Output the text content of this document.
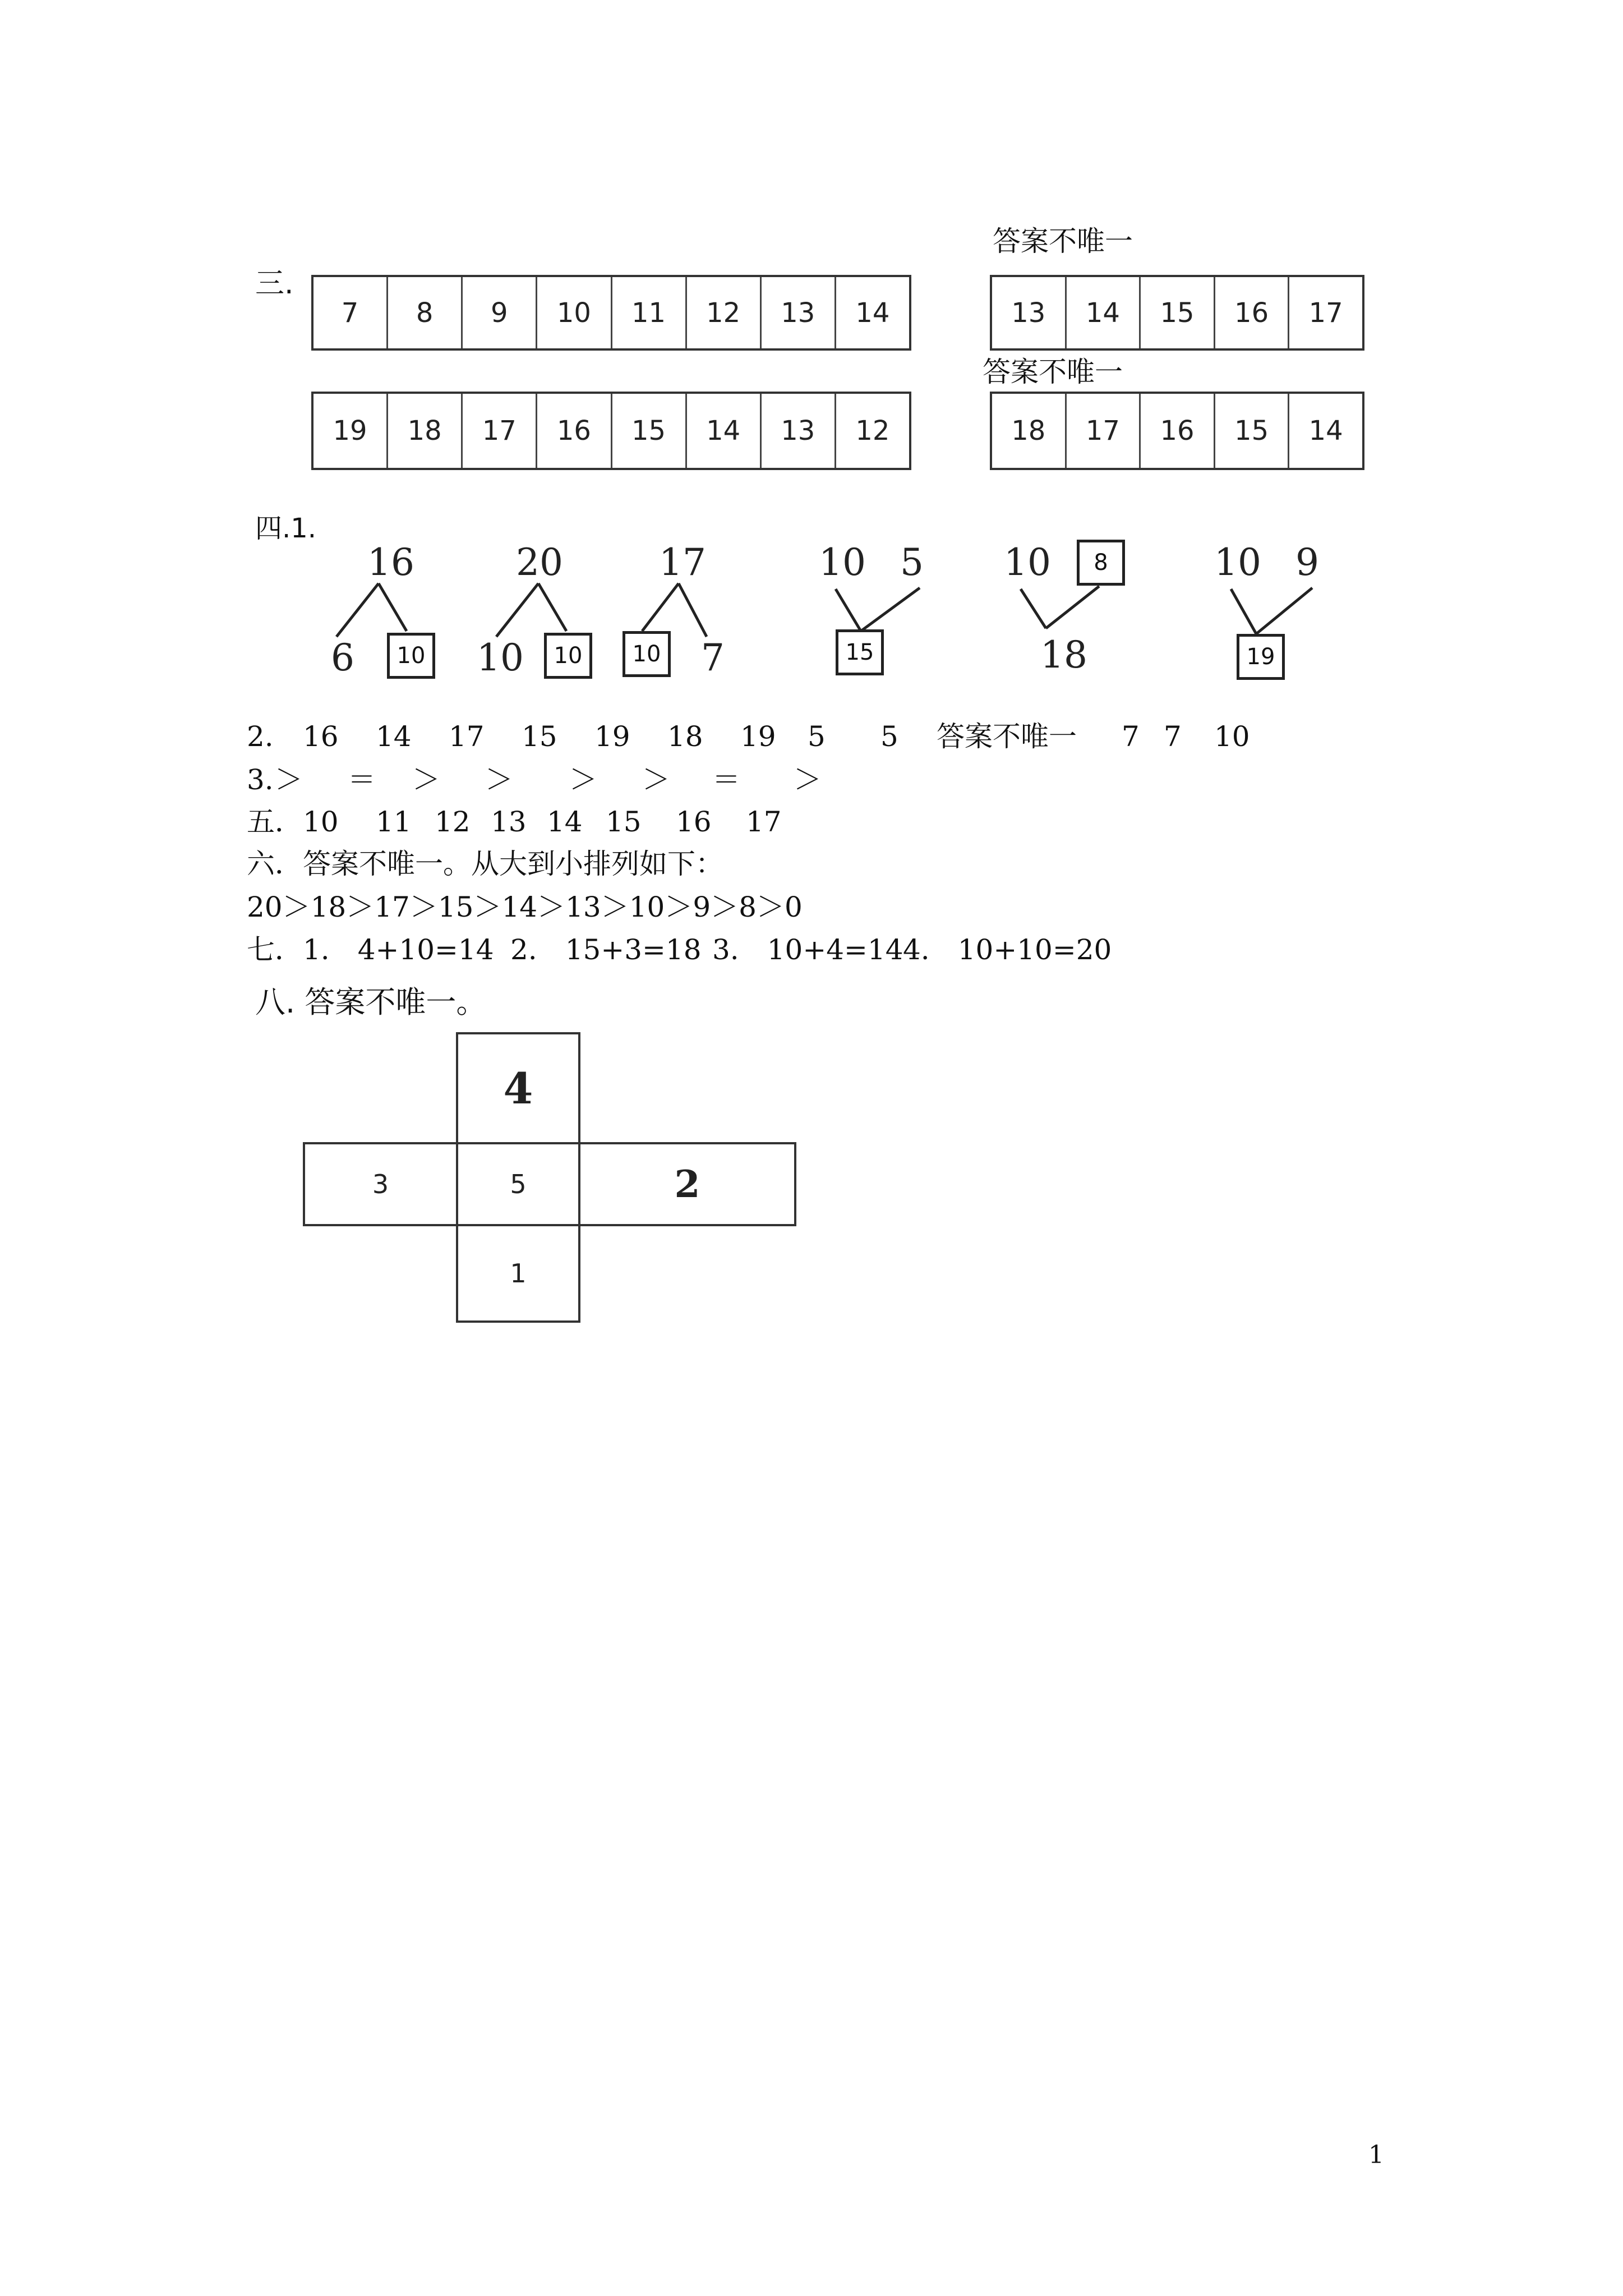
三.
答案不唯一
答案不唯一
7	8	9	10	11	12	13	14	13	14	15	16	17
19	18	17	16	15	14	13	12	18	17	16	15	14
四.1.
16
6	10
20
10	10
17
10 7
10 5
15
10	8
18
10 9
19
2. 16 14 17 15 19 18 19 5 5 答案不唯一 7 7 10
3.＞ ＝ ＞ ＞ ＞ ＞ ＝ ＞
五．10 11 12 13 14 15 16 17
六．答案不唯一。从大到小排列如下：
20＞18＞17＞15＞14＞13＞10＞9＞8＞0
七．1.　4+10=14 2.　15+3=18 3.　10+4=144.　10+10=20
八. 答案不唯一。
4
3	5	2
1
1
